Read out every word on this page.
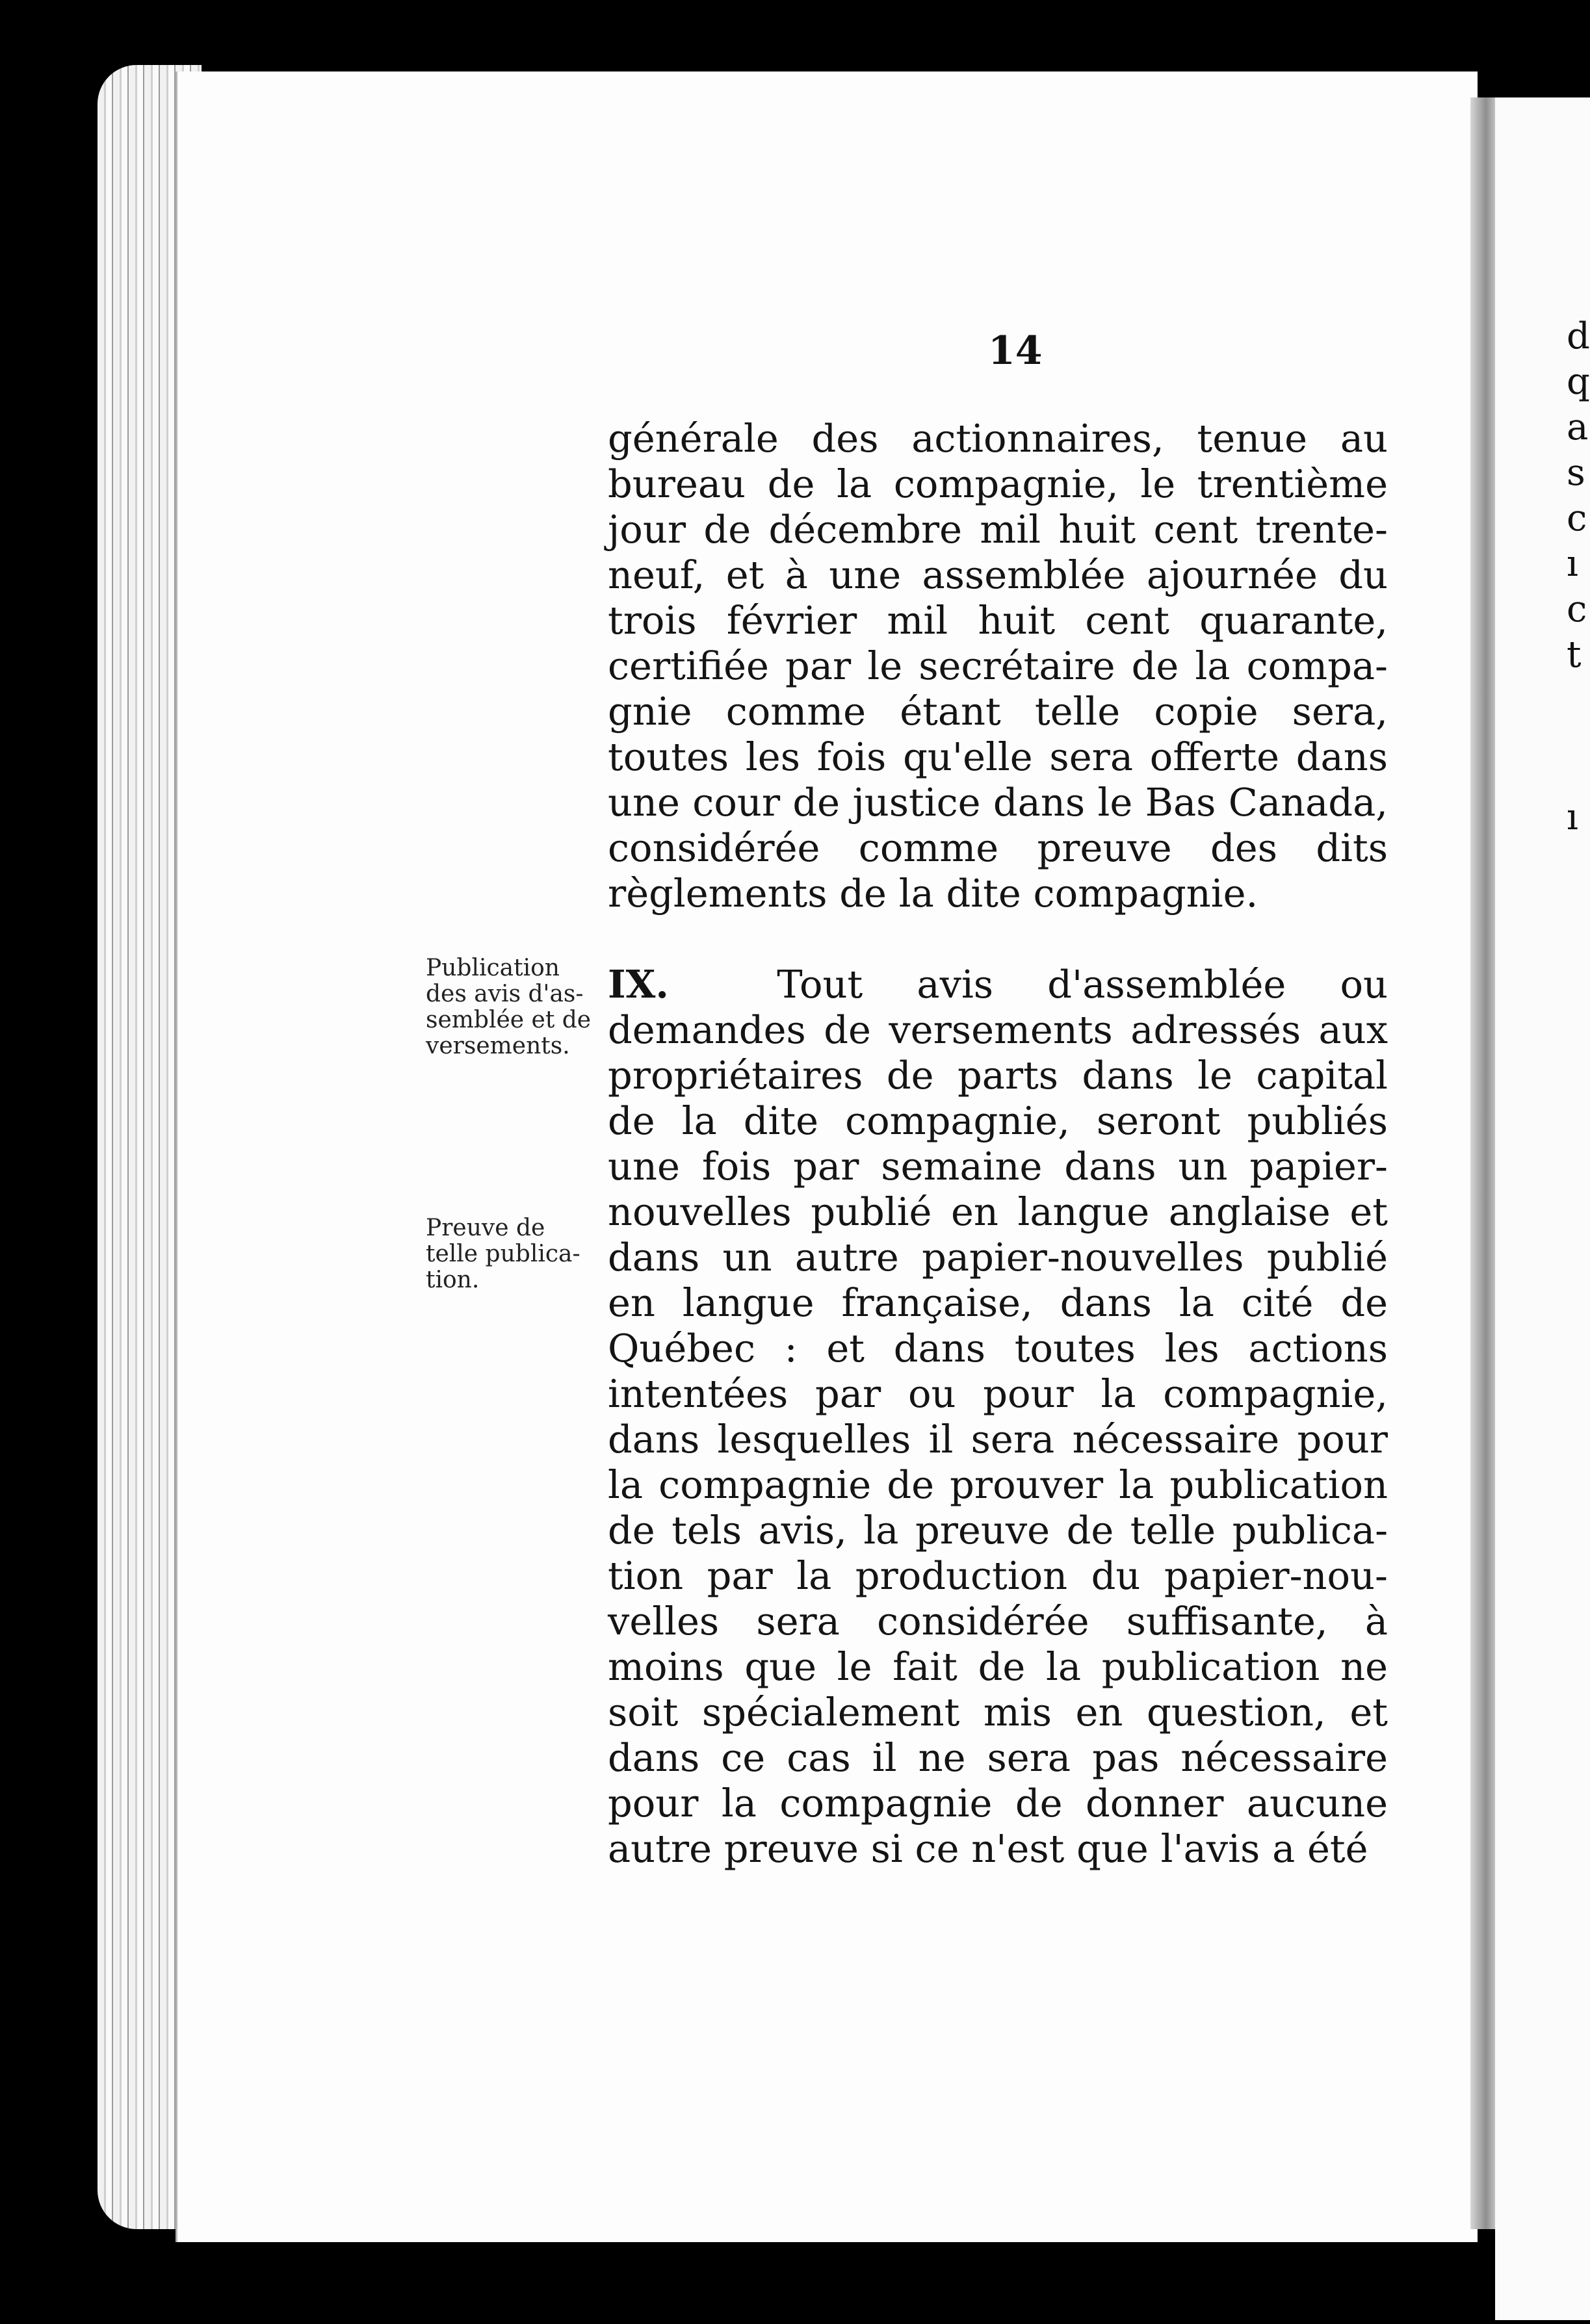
d
q
a
s
c
ı
c
t
ı
14
générale des actionnaires, tenue au
bureau de la compagnie, le trentième
jour de décembre mil huit cent trente-
neuf, et à une assemblée ajournée du
trois février mil huit cent quarante,
certifiée par le secrétaire de la compa-
gnie comme étant telle copie sera,
toutes les fois qu'elle sera offerte dans
une cour de justice dans le Bas Canada,
considérée comme preuve des dits
règlements de la dite compagnie.
IX.	Tout avis d'assemblée ou
demandes de versements adressés aux
propriétaires de parts dans le capital
de la dite compagnie, seront publiés
une fois par semaine dans un papier-
nouvelles publié en langue anglaise et
dans un autre papier-nouvelles publié
en langue française, dans la cité de
Québec : et dans toutes les actions
intentées par ou pour la compagnie,
dans lesquelles il sera nécessaire pour
la compagnie de prouver la publication
de tels avis, la preuve de telle publica-
tion par la production du papier-nou-
velles sera considérée suffisante, à
moins que le fait de la publication ne
soit spécialement mis en question, et
dans ce cas il ne sera pas nécessaire
pour la compagnie de donner aucune
autre preuve si ce n'est que l'avis a été
Publication
des avis d'as-
semblée et de
versements.
Preuve de
telle publica-
tion.
